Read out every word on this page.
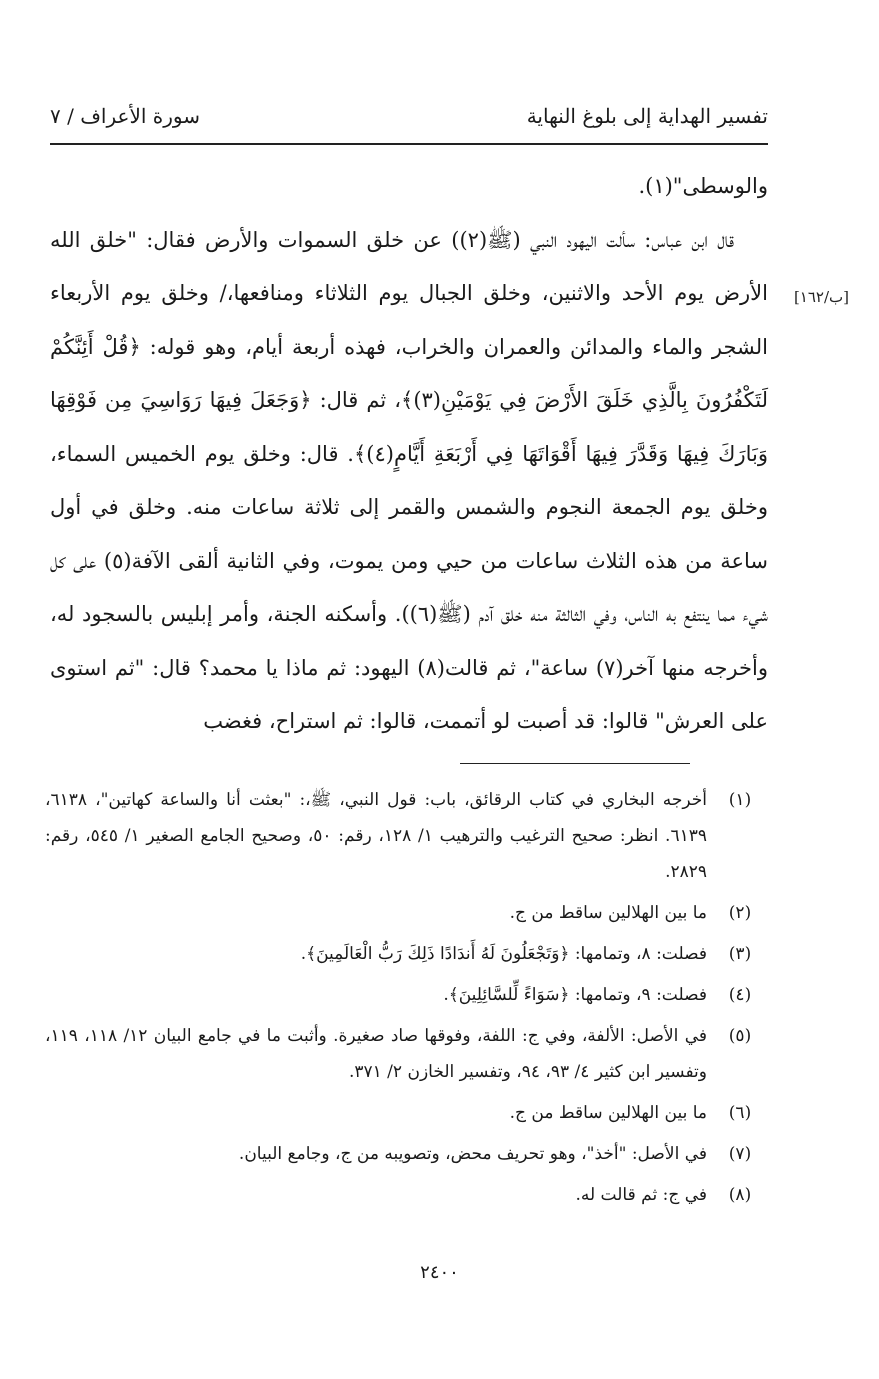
تفسير الهداية إلى بلوغ النهاية
سورة الأعراف / ٧
[ب/١٦٢]

والوسطى"(١).

قال ابن عباس: سألت اليهود النبي (ﷺ(٢)) عن خلق السموات والأرض فقال: "خلق الله الأرض يوم الأحد والاثنين، وخلق الجبال يوم الثلاثاء ومنافعها،/ وخلق يوم الأربعاء الشجر والماء والمدائن والعمران والخراب، فهذه أربعة أيام، وهو قوله: ﴿قُلْ أَئِنَّكُمْ لَتَكْفُرُونَ بِالَّذِي خَلَقَ الأَرْضَ فِي يَوْمَيْنِ(٣)﴾، ثم قال: ﴿وَجَعَلَ فِيهَا رَوَاسِيَ مِن فَوْقِهَا وَبَارَكَ فِيهَا وَقَدَّرَ فِيهَا أَقْوَاتَهَا فِي أَرْبَعَةِ أَيَّامٍ(٤)﴾. قال: وخلق يوم الخميس السماء، وخلق يوم الجمعة النجوم والشمس والقمر إلى ثلاثة ساعات منه. وخلق في أول ساعة من هذه الثلاث ساعات من حيي ومن يموت، وفي الثانية ألقى الآفة(٥) على كل شيء مما ينتفع به الناس، وفي الثالثة منه خلق آدم (ﷺ(٦)). وأسكنه الجنة، وأمر إبليس بالسجود له، وأخرجه منها آخر(٧) ساعة"، ثم قالت(٨) اليهود: ثم ماذا يا محمد؟ قال: "ثم استوى على العرش" قالوا: قد أصبت لو أتممت، قالوا: ثم استراح، فغضب

(١)
أخرجه البخاري في كتاب الرقائق، باب: قول النبي، ﷺ،: "بعثت أنا والساعة كهاتين"، ٦١٣٨، ٦١٣٩. انظر: صحيح الترغيب والترهيب ١/ ١٢٨، رقم: ٥٠، وصحيح الجامع الصغير ١/ ٥٤٥، رقم: ٢٨٢٩.
(٢)
ما بين الهلالين ساقط من ج.
(٣)
فصلت: ٨، وتمامها: ﴿وَتَجْعَلُونَ لَهُ أَندَادًا ذَلِكَ رَبُّ الْعَالَمِينَ﴾.
(٤)
فصلت: ٩، وتمامها: ﴿سَوَاءً لِّلسَّائِلِينَ﴾.
(٥)
في الأصل: الألفة، وفي ج: اللفة، وفوقها صاد صغيرة. وأثبت ما في جامع البيان ١٢/ ١١٨، ١١٩، وتفسير ابن كثير ٤/ ٩٣، ٩٤، وتفسير الخازن ٢/ ٣٧١.
(٦)
ما بين الهلالين ساقط من ج.
(٧)
في الأصل: "أخذ"، وهو تحريف محض، وتصويبه من ج، وجامع البيان.
(٨)
في ج: ثم قالت له.
٢٤٠٠
